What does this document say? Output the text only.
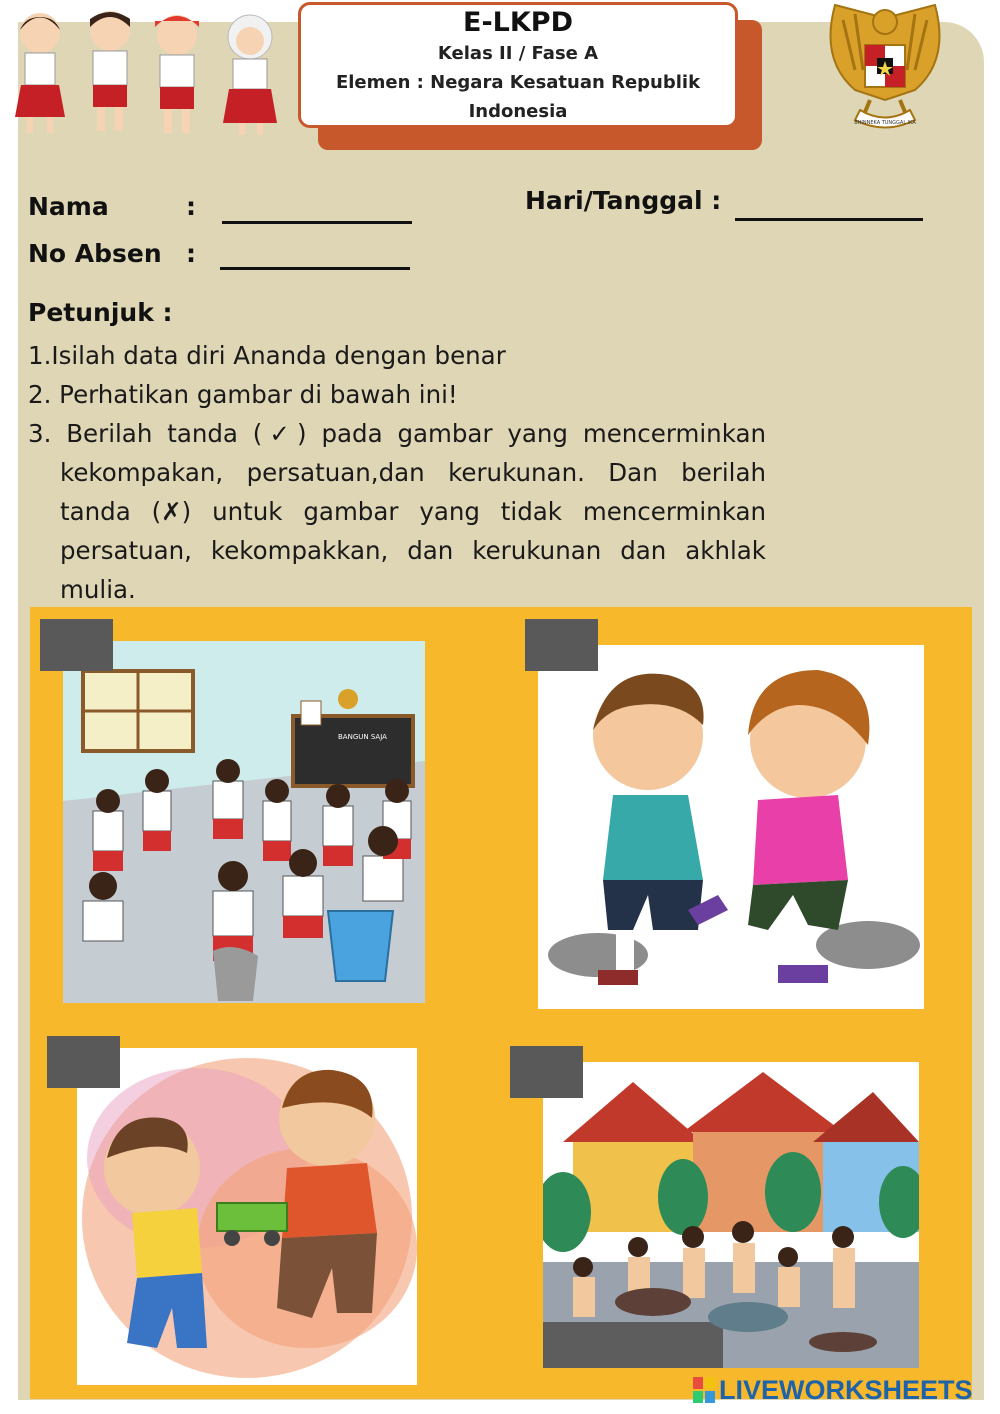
E-LKPD
Kelas II / Fase A
Elemen : Negara Kesatuan Republik
Indonesia
BHINNEKA TUNGGAL IKA
Nama	:
No Absen :
Hari/Tanggal :
Petunjuk :

1.Isilah data diri Ananda dengan benar

2. Perhatikan gambar di bawah ini!

3. Berilah tanda (✓) pada gambar yang mencerminkan kekompakan, persatuan,dan kerukunan. Dan berilah tanda (✗) untuk gambar yang tidak mencerminkan persatuan, kekompakkan, dan kerukunan dan akhlak mulia.

BANGUN SAJA
LIVEWORKSHEETS
